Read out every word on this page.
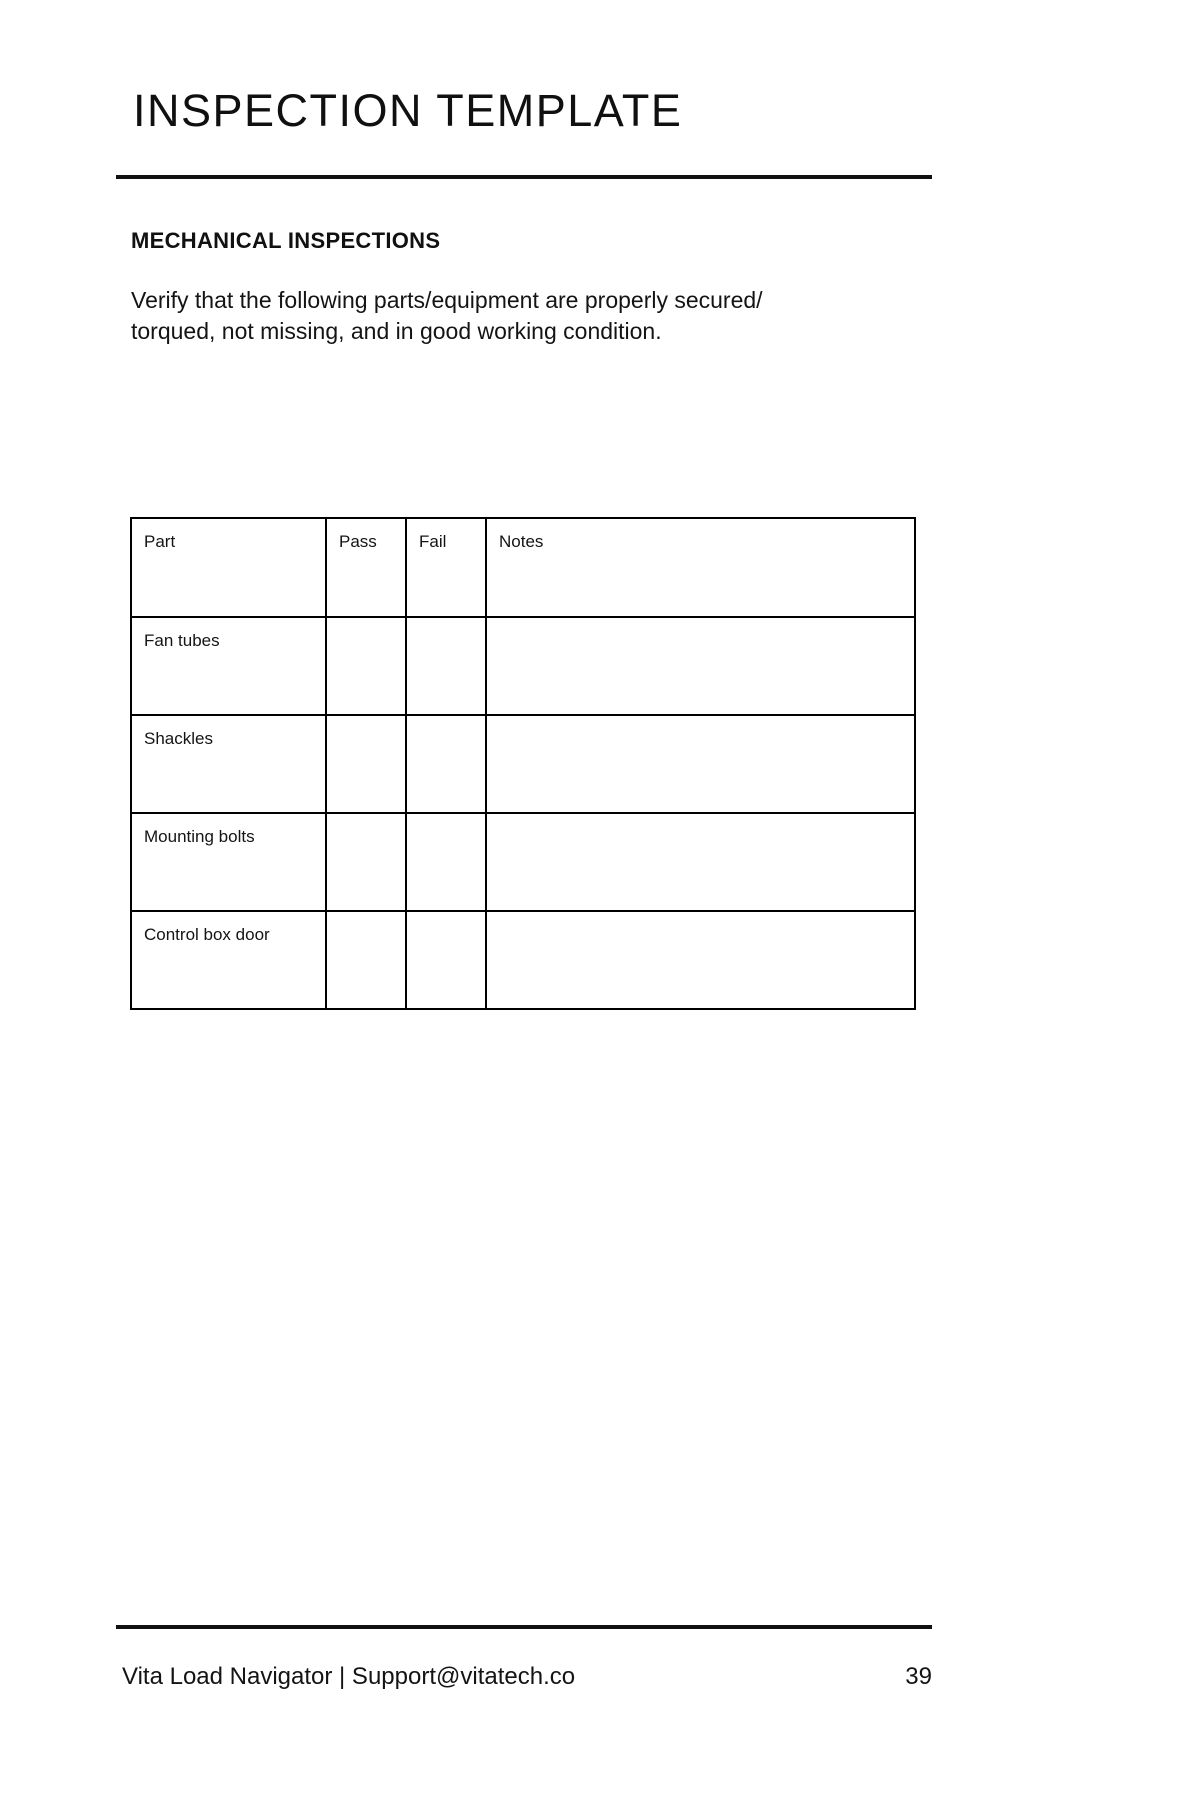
INSPECTION TEMPLATE
MECHANICAL INSPECTIONS
Verify that the following parts/equipment are properly secured/
torqued, not missing, and in good working condition.
Part	Pass	Fail	Notes

Fan tubes			

Shackles			

Mounting bolts			

Control box door			

Vita Load Navigator | Support@vitatech.co	39
